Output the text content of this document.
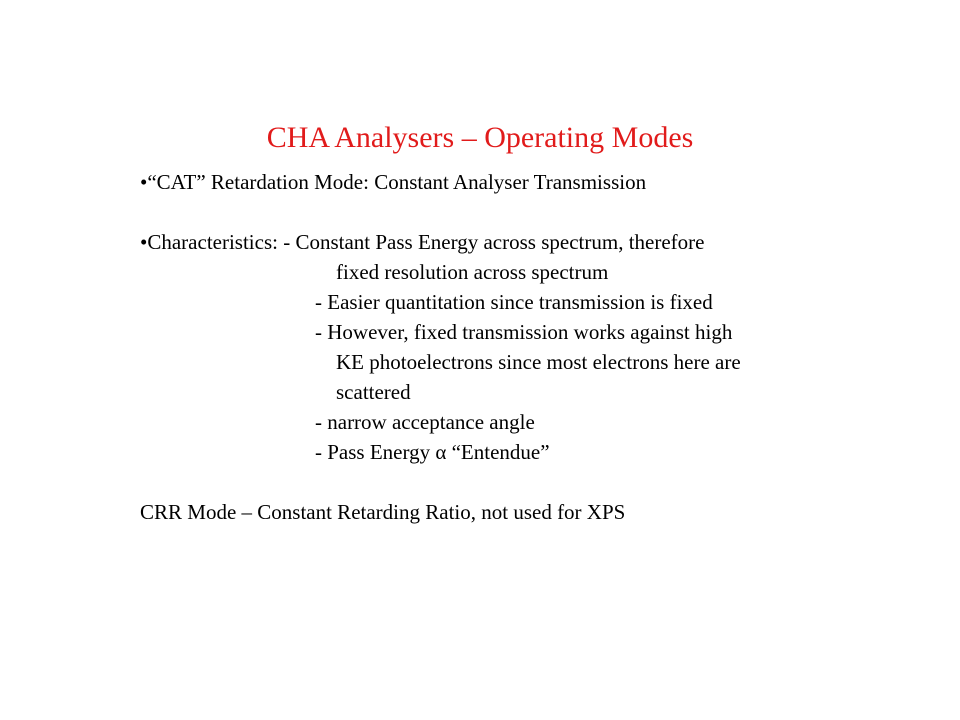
CHA Analysers – Operating Modes
•“CAT” Retardation Mode: Constant Analyser Transmission
•Characteristics: - Constant Pass Energy across spectrum, therefore
fixed resolution across spectrum
- Easier quantitation since transmission is fixed
- However, fixed transmission works against high
KE photoelectrons since most electrons here are
scattered
- narrow acceptance angle
- Pass Energy α “Entendue”
CRR Mode – Constant Retarding Ratio, not used for XPS
